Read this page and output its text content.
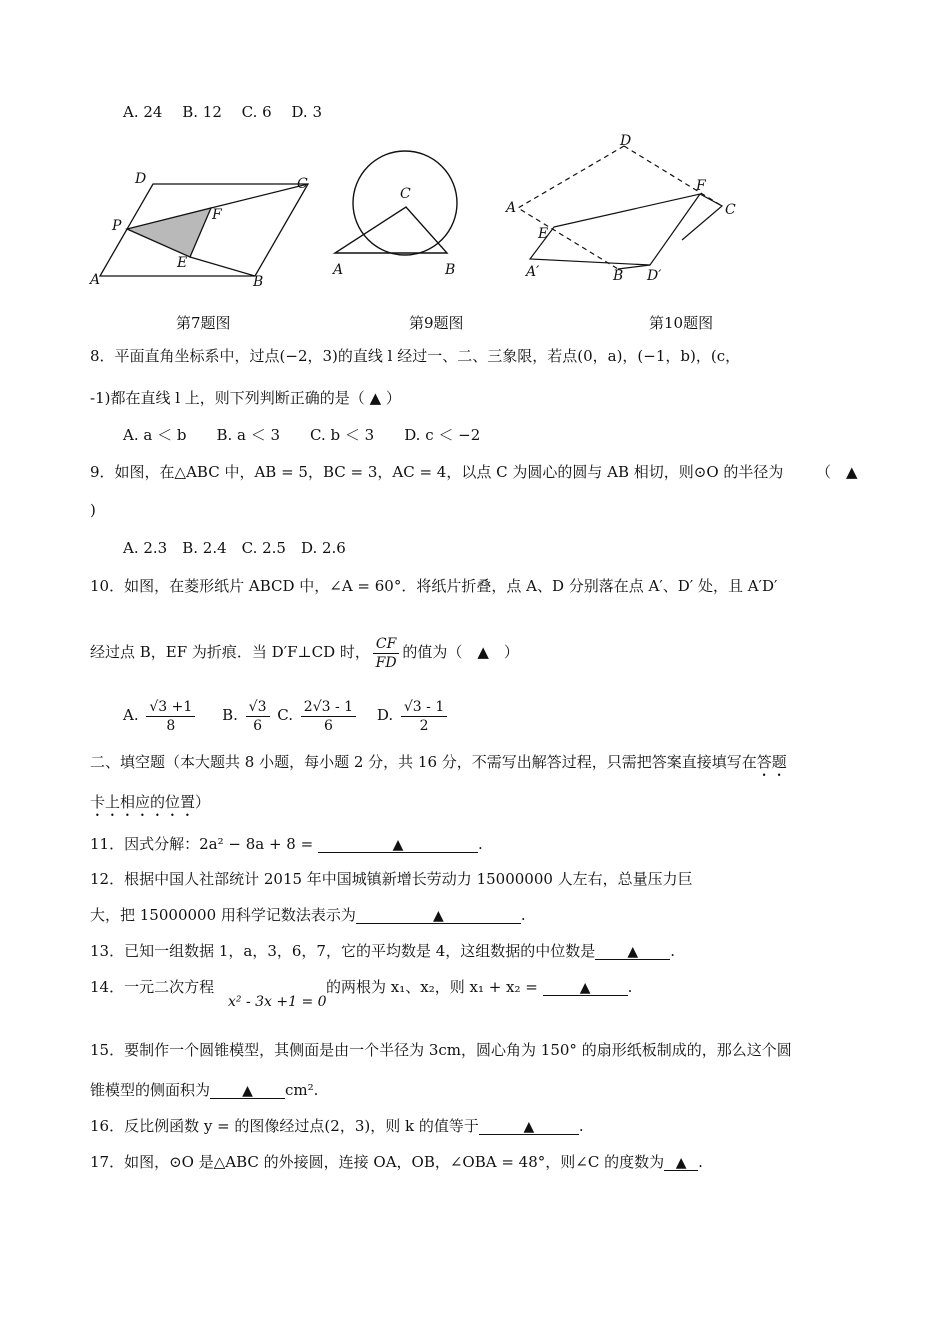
A. 24　 B. 12　 C. 6　 D. 3
D	C
P
F
E
A	B
C
A	B
D
F
A	C
E
A′	B D′
第7题图	第9题图	第10题图
8．平面直角坐标系中，过点(−2，3)的直线 l 经过一、二、三象限，若点(0，a)，(−1，b)，(c，
-1)都在直线 l 上，则下列判断正确的是（ ▲ ）
A. a ＜ b　　B. a ＜ 3　　C. b ＜ 3　　D. c ＜ −2
9．如图，在△ABC 中，AB = 5，BC = 3，AC = 4，以点 C 为圆心的圆与 AB 相切，则⊙O 的半径为 （　▲
)
A. 2.3　B. 2.4　C. 2.5　D. 2.6
10．如图，在菱形纸片 ABCD 中，∠A = 60°．将纸片折叠，点 A、D 分别落在点 A′、D′ 处，且 A′D′
经过点 B，EF 为折痕．当 D′F⊥CD 时， $\frac{CF}{FD}$ 的值为（　▲　）
A. $\frac{√3 +1}{8} B$. $\frac{√3}{6} C$. $\frac{2√3 - 1}{6} D$. $\frac{√3 - 1}{2}$
二、填空题（本大题共 8 小题，每小题 2 分，共 16 分，不需写出解答过程，只需把答案直接填写在答题
卡上相应的位置）
11．因式分解：2a² − 8a + 8 =	▲	.
12．根据中国人社部统计 2015 年中国城镇新增长劳动力 15000000 人左右，总量压力巨
大，把 15000000 用科学记数法表示为	▲	.
13．已知一组数据 1，a，3，6，7，它的平均数是 4，这组数据的中位数是 ▲ .
14．一元二次方程
x² - 3x +1 = 0
的两根为 x₁、x₂，则 x₁ + x₂ =	▲ .
15．要制作一个圆锥模型，其侧面是由一个半径为 3cm，圆心角为 150° 的扇形纸板制成的，那么这个圆
锥模型的侧面积为 ▲ cm².
16．反比例函数 y = 的图像经过点(2，3)，则 k 的值等于	▲	.
17．如图，⊙O 是△ABC 的外接圆，连接 OA，OB，∠OBA = 48°，则∠C 的度数为 ▲ .
